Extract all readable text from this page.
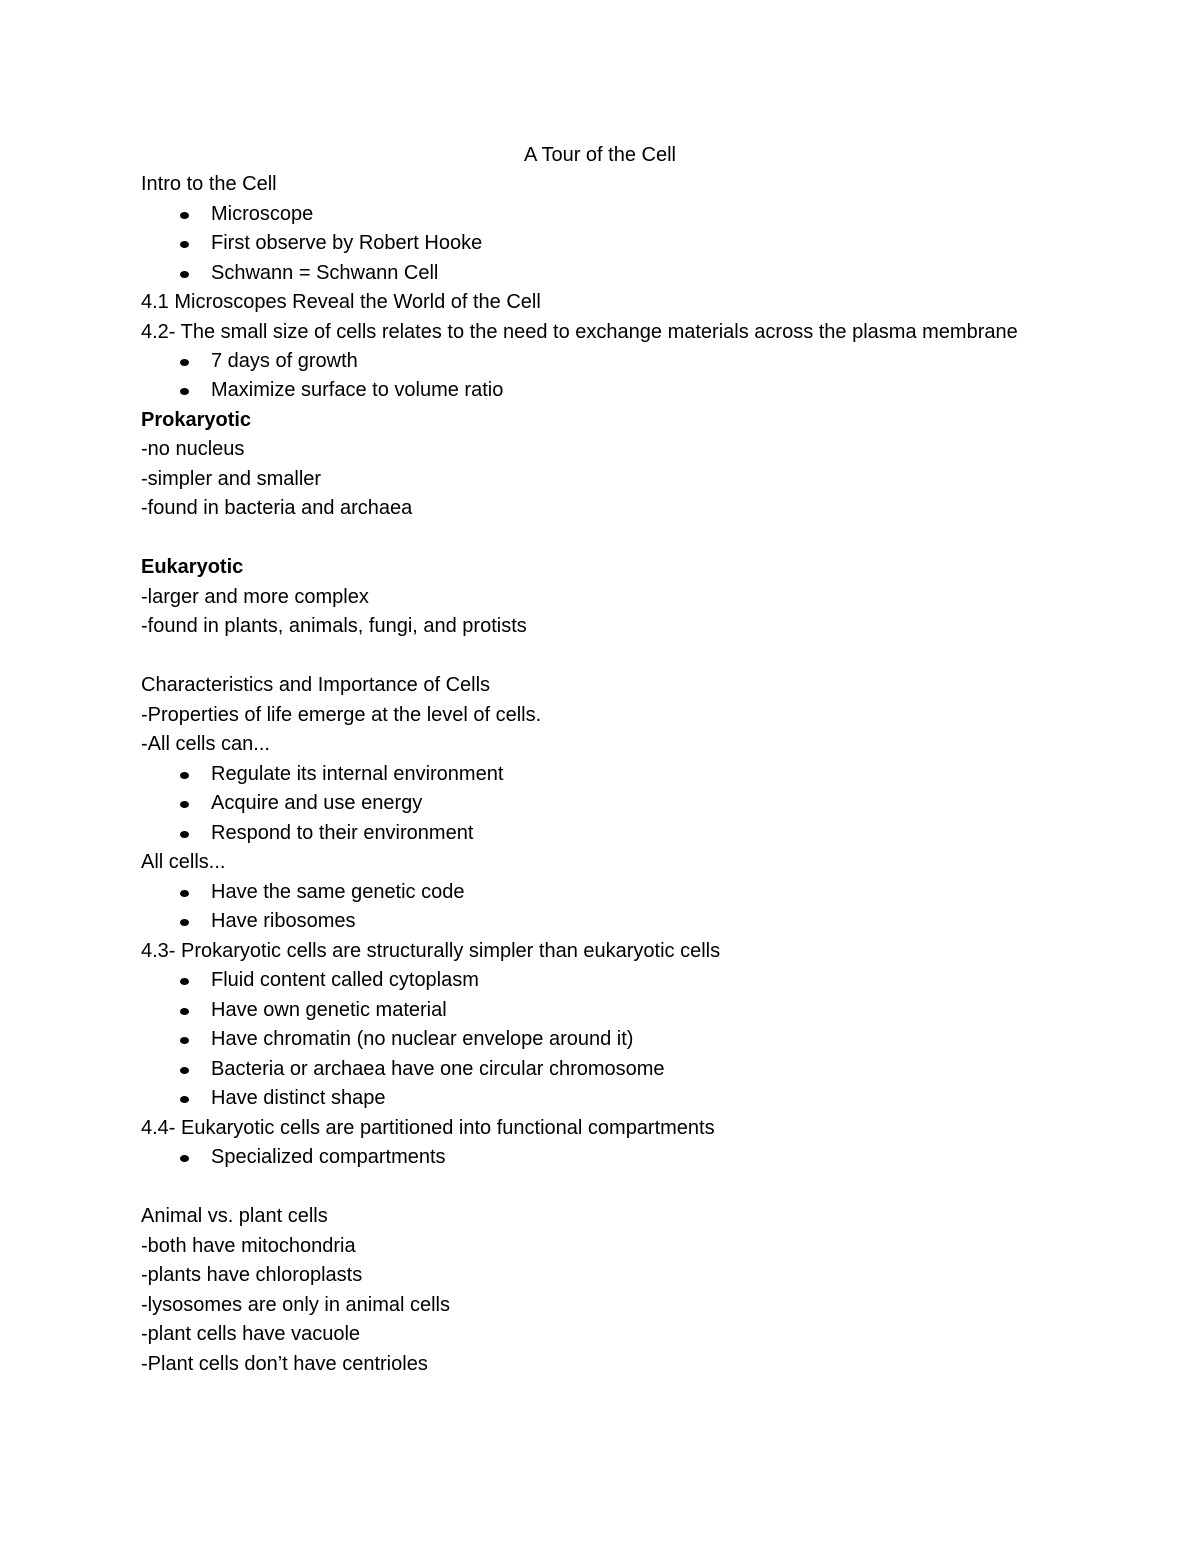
A Tour of the Cell
Intro to the Cell
Microscope
First observe by Robert Hooke
Schwann = Schwann Cell
4.1 Microscopes Reveal the World of the Cell
4.2- The small size of cells relates to the need to exchange materials across the plasma membrane
7 days of growth
Maximize surface to volume ratio
Prokaryotic
-no nucleus
-simpler and smaller
-found in bacteria and archaea
Eukaryotic
-larger and more complex
-found in plants, animals, fungi, and protists
Characteristics and Importance of Cells
-Properties of life emerge at the level of cells.
-All cells can...
Regulate its internal environment
Acquire and use energy
Respond to their environment
All cells...
Have the same genetic code
Have ribosomes
4.3- Prokaryotic cells are structurally simpler than eukaryotic cells
Fluid content called cytoplasm
Have own genetic material
Have chromatin (no nuclear envelope around it)
Bacteria or archaea have one circular chromosome
Have distinct shape
4.4- Eukaryotic cells are partitioned into functional compartments
Specialized compartments
Animal vs. plant cells
-both have mitochondria
-plants have chloroplasts
-lysosomes are only in animal cells
-plant cells have vacuole
-Plant cells don’t have centrioles
